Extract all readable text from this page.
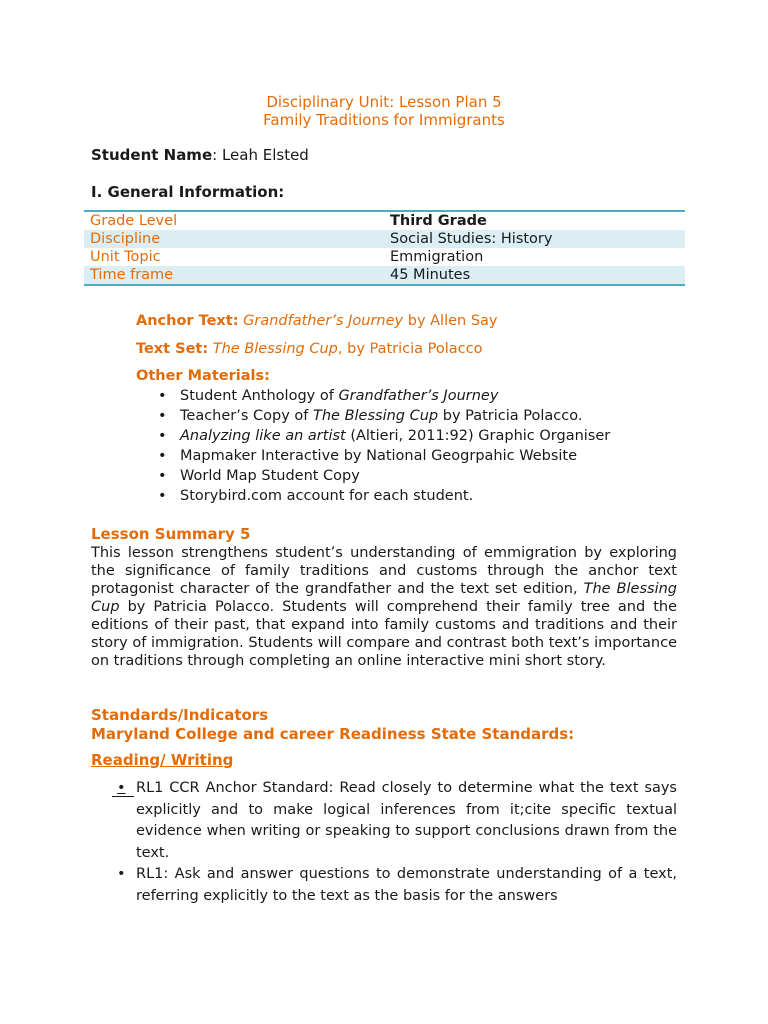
Disciplinary Unit: Lesson Plan 5
Family Traditions for Immigrants
Student Name: Leah Elsted
I. General Information:
Grade Level	Third Grade
Discipline	Social Studies: History
Unit Topic	Emmigration
Time frame	45 Minutes
Anchor Text: Grandfather’s Journey by Allen Say
Text Set: The Blessing Cup, by Patricia Polacco
Other Materials:
• Student Anthology of Grandfather’s Journey
• Teacher’s Copy of The Blessing Cup by Patricia Polacco.
• Analyzing like an artist (Altieri, 2011:92) Graphic Organiser
• Mapmaker Interactive by National Geogrpahic Website
• World Map Student Copy
• Storybird.com account for each student.
Lesson Summary 5
This lesson strengthens student’s understanding of emmigration by exploring the significance of family traditions and customs through the anchor text protagonist character of the grandfather and the text set edition, The Blessing Cup by Patricia Polacco. Students will comprehend their family tree and the editions of their past, that expand into family customs and traditions and their story of immigration. Students will compare and contrast both text’s importance on traditions through completing an online interactive mini short story.
Standards/Indicators
Maryland College and career Readiness State Standards:
Reading/ Writing
• RL1 CCR Anchor Standard: Read closely to determine what the text says explicitly and to make logical inferences from it;cite specific textual evidence when writing or speaking to support conclusions drawn from the text.
• RL1: Ask and answer questions to demonstrate understanding of a text, referring explicitly to the text as the basis for the answers
